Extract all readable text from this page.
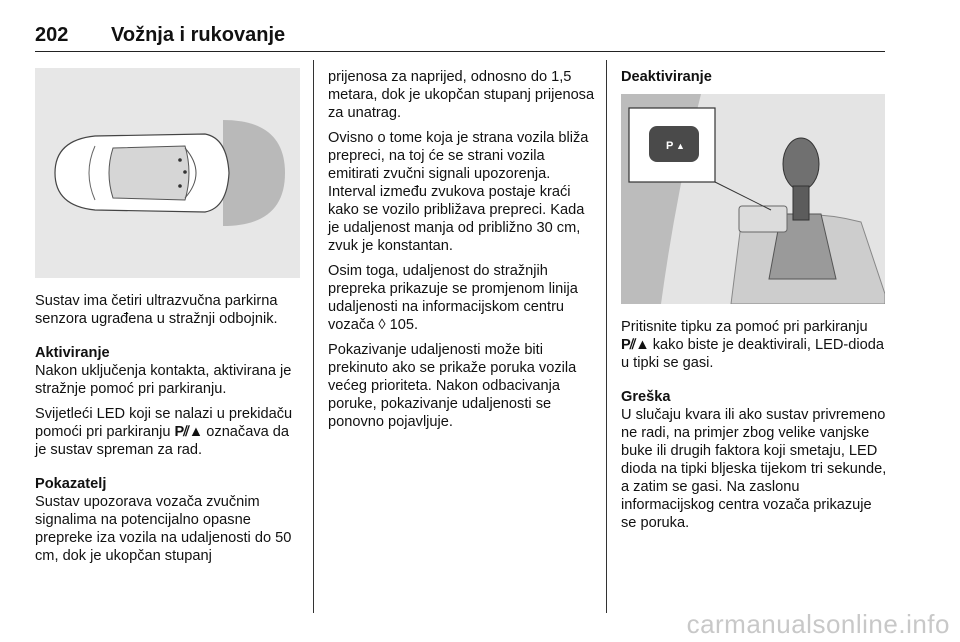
202 Vožnja i rukovanje

Sustav ima četiri ultrazvučna parkirna senzora ugrađena u stražnji odbojnik.

Aktiviranje

Nakon uključenja kontakta, aktivirana je stražnje pomoć pri parkiranju.

Svijetleći LED koji se nalazi u prekidaču pomoći pri parkiranju P⫽▲ označava da je sustav spreman za rad.

Pokazatelj

Sustav upozorava vozača zvučnim signalima na potencijalno opasne prepreke iza vozila na udaljenosti do 50 cm, dok je ukopčan stupanj

prijenosa za naprijed, odnosno do 1,5 metara, dok je ukopčan stupanj prijenosa za unatrag.

Ovisno o tome koja je strana vozila bliža prepreci, na toj će se strani vozila emitirati zvučni signali upozorenja. Interval između zvukova postaje kraći kako se vozilo približava prepreci. Kada je udaljenost manja od približno 30 cm, zvuk je konstantan.

Osim toga, udaljenost do stražnjih prepreka prikazuje se promjenom linija udaljenosti na informacijskom centru vozača ◊ 105.

Pokazivanje udaljenosti može biti prekinuto ako se prikaže poruka vozila većeg prioriteta. Nakon odbacivanja poruke, pokazivanje udaljenosti se ponovno pojavljuje.

Deaktiviranje

P ▲

Pritisnite tipku za pomoć pri parkiranju P⫽▲ kako biste je deaktivirali, LED-dioda u tipki se gasi.

Greška

U slučaju kvara ili ako sustav privremeno ne radi, na primjer zbog velike vanjske buke ili drugih faktora koji smetaju, LED dioda na tipki bljeska tijekom tri sekunde, a zatim se gasi. Na zaslonu informacijskog centra vozača prikazuje se poruka.

carmanualsonline.info
